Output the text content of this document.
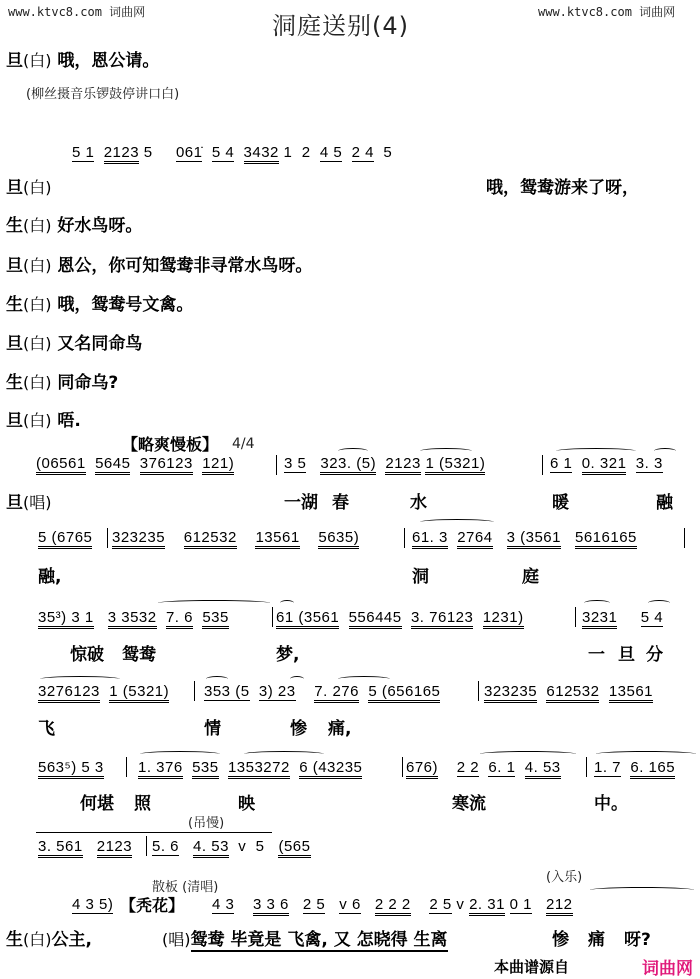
www.ktvc8.com 词曲网	www.ktvc8.com 词曲网
洞庭送别(4)
旦(白) 哦，恩公请。
(柳丝摄音乐锣鼓停讲口白)
5 1 2123 5     061̇ 5 4 3432 1  2  4 5 2 4  5
旦(白)	哦，鸳鸯游来了呀，
生(白) 好水鸟呀。
旦(白) 恩公，你可知鸳鸯非寻常水鸟呀。
生(白) 哦，鸳鸯号文禽。
旦(白) 又名同命鸟
生(白) 同命乌?
旦(白) 唔.
【略爽慢板】 4/4
(06561 5645 376123 121)	3 5 323. (5) 2123 1 (5321)	6 1 0. 321 3. 3
旦(唱)	一湖 春	水	暖	融
5 (6765 323235 612532 13561 5635)	61. 3 2764 3 (3561 5616165
融,	洞	庭
35³) 3 1 3 3532 7. 6 535	61 (3561 556445 3. 76123 1231)	3231 5 4
惊破 鸳鸯	梦,	一 旦 分
3276123 1 (5321) 353 (5 3) 23 7. 276 5 (656165	323235 612532 13561
飞	情	惨 痛,
563⁵) 5 3 1. 376 535 1353272 6 (43235	676) 2 2 6. 1 4. 53 1. 7 6. 165
何堪 照	映	寒流	中。
(吊慢)
3. 561 2123 5. 6 4. 53 v 5 (565
散板 (清唱)
(入乐)
4 3 5) 【秃花】 4 3 3 3 6 2 5 v 6 2 2 2 2 5 v 2. 31 0 1 212
生(白)公主,	(唱)鸳鸯 毕竟是 飞禽, 又 怎晓得 生离	惨 痛 呀?
本曲谱源自	词曲网
